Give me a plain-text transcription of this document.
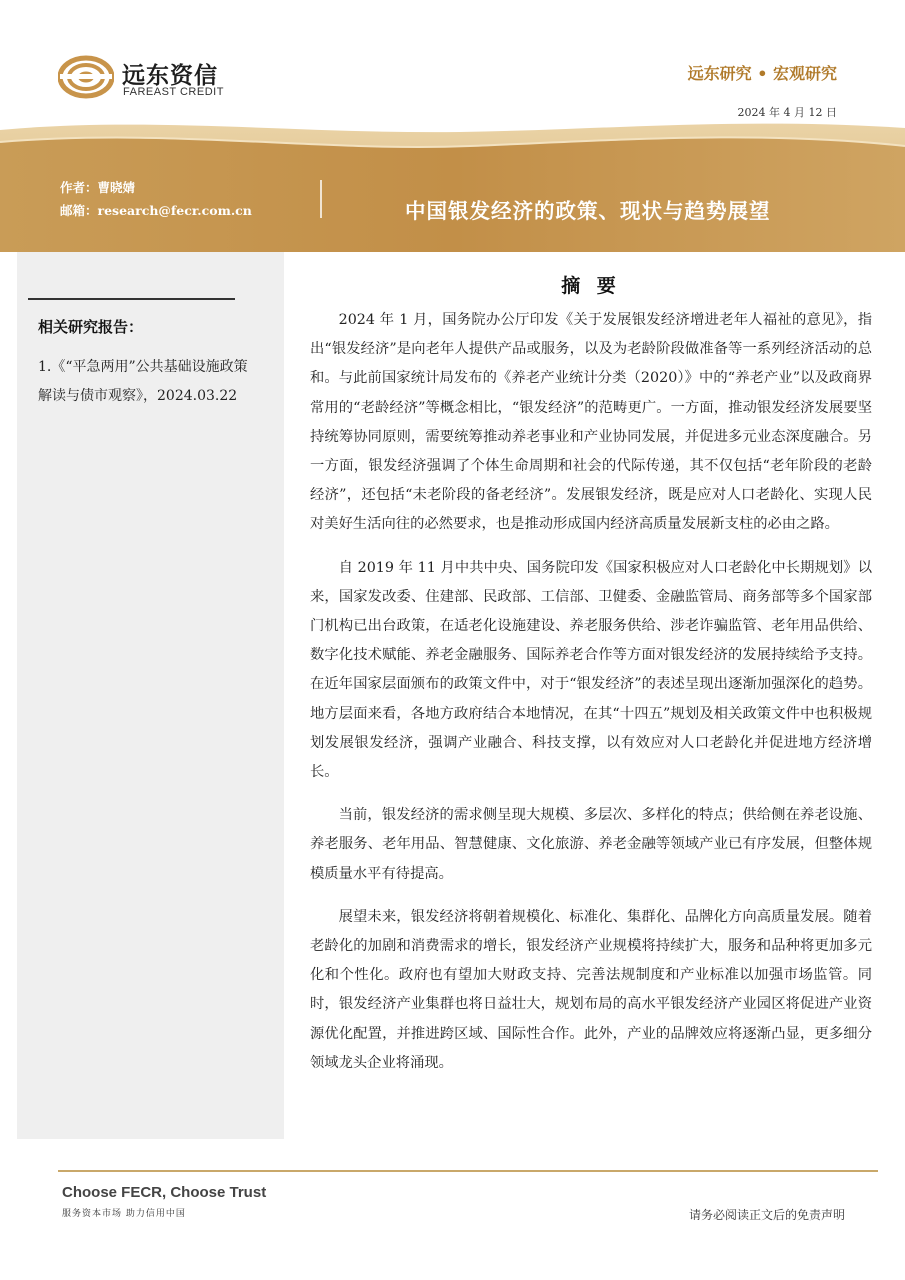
远东资信
FAREAST CREDIT
远东研究 • 宏观研究
2024 年 4 月 12 日
作者：曹晓婧
邮箱：research@fecr.com.cn	中国银发经济的政策、现状与趋势展望
相关研究报告：
1.《“平急两用”公共基础设施政策解读与债市观察》，2024.03.22
摘 要

2024 年 1 月，国务院办公厅印发《关于发展银发经济增进老年人福祉的意见》，指出“银发经济”是向老年人提供产品或服务，以及为老龄阶段做准备等一系列经济活动的总和。与此前国家统计局发布的《养老产业统计分类（2020）》中的“养老产业”以及政商界常用的“老龄经济”等概念相比，“银发经济”的范畴更广。一方面，推动银发经济发展要坚持统筹协同原则，需要统筹推动养老事业和产业协同发展，并促进多元业态深度融合。另一方面，银发经济强调了个体生命周期和社会的代际传递，其不仅包括“老年阶段的老龄经济”，还包括“未老阶段的备老经济”。发展银发经济，既是应对人口老龄化、实现人民对美好生活向往的必然要求，也是推动形成国内经济高质量发展新支柱的必由之路。

自 2019 年 11 月中共中央、国务院印发《国家积极应对人口老龄化中长期规划》以来，国家发改委、住建部、民政部、工信部、卫健委、金融监管局、商务部等多个国家部门机构已出台政策，在适老化设施建设、养老服务供给、涉老诈骗监管、老年用品供给、数字化技术赋能、养老金融服务、国际养老合作等方面对银发经济的发展持续给予支持。在近年国家层面颁布的政策文件中，对于“银发经济”的表述呈现出逐渐加强深化的趋势。地方层面来看，各地方政府结合本地情况，在其“十四五”规划及相关政策文件中也积极规划发展银发经济，强调产业融合、科技支撑，以有效应对人口老龄化并促进地方经济增长。

当前，银发经济的需求侧呈现大规模、多层次、多样化的特点；供给侧在养老设施、养老服务、老年用品、智慧健康、文化旅游、养老金融等领域产业已有序发展，但整体规模质量水平有待提高。

展望未来，银发经济将朝着规模化、标准化、集群化、品牌化方向高质量发展。随着老龄化的加剧和消费需求的增长，银发经济产业规模将持续扩大，服务和品种将更加多元化和个性化。政府也有望加大财政支持、完善法规制度和产业标准以加强市场监管。同时，银发经济产业集群也将日益壮大，规划布局的高水平银发经济产业园区将促进产业资源优化配置，并推进跨区域、国际性合作。此外，产业的品牌效应将逐渐凸显，更多细分领域龙头企业将涌现。

Choose FECR, Choose Trust
服务资本市场 助力信用中国	请务必阅读正文后的免责声明
